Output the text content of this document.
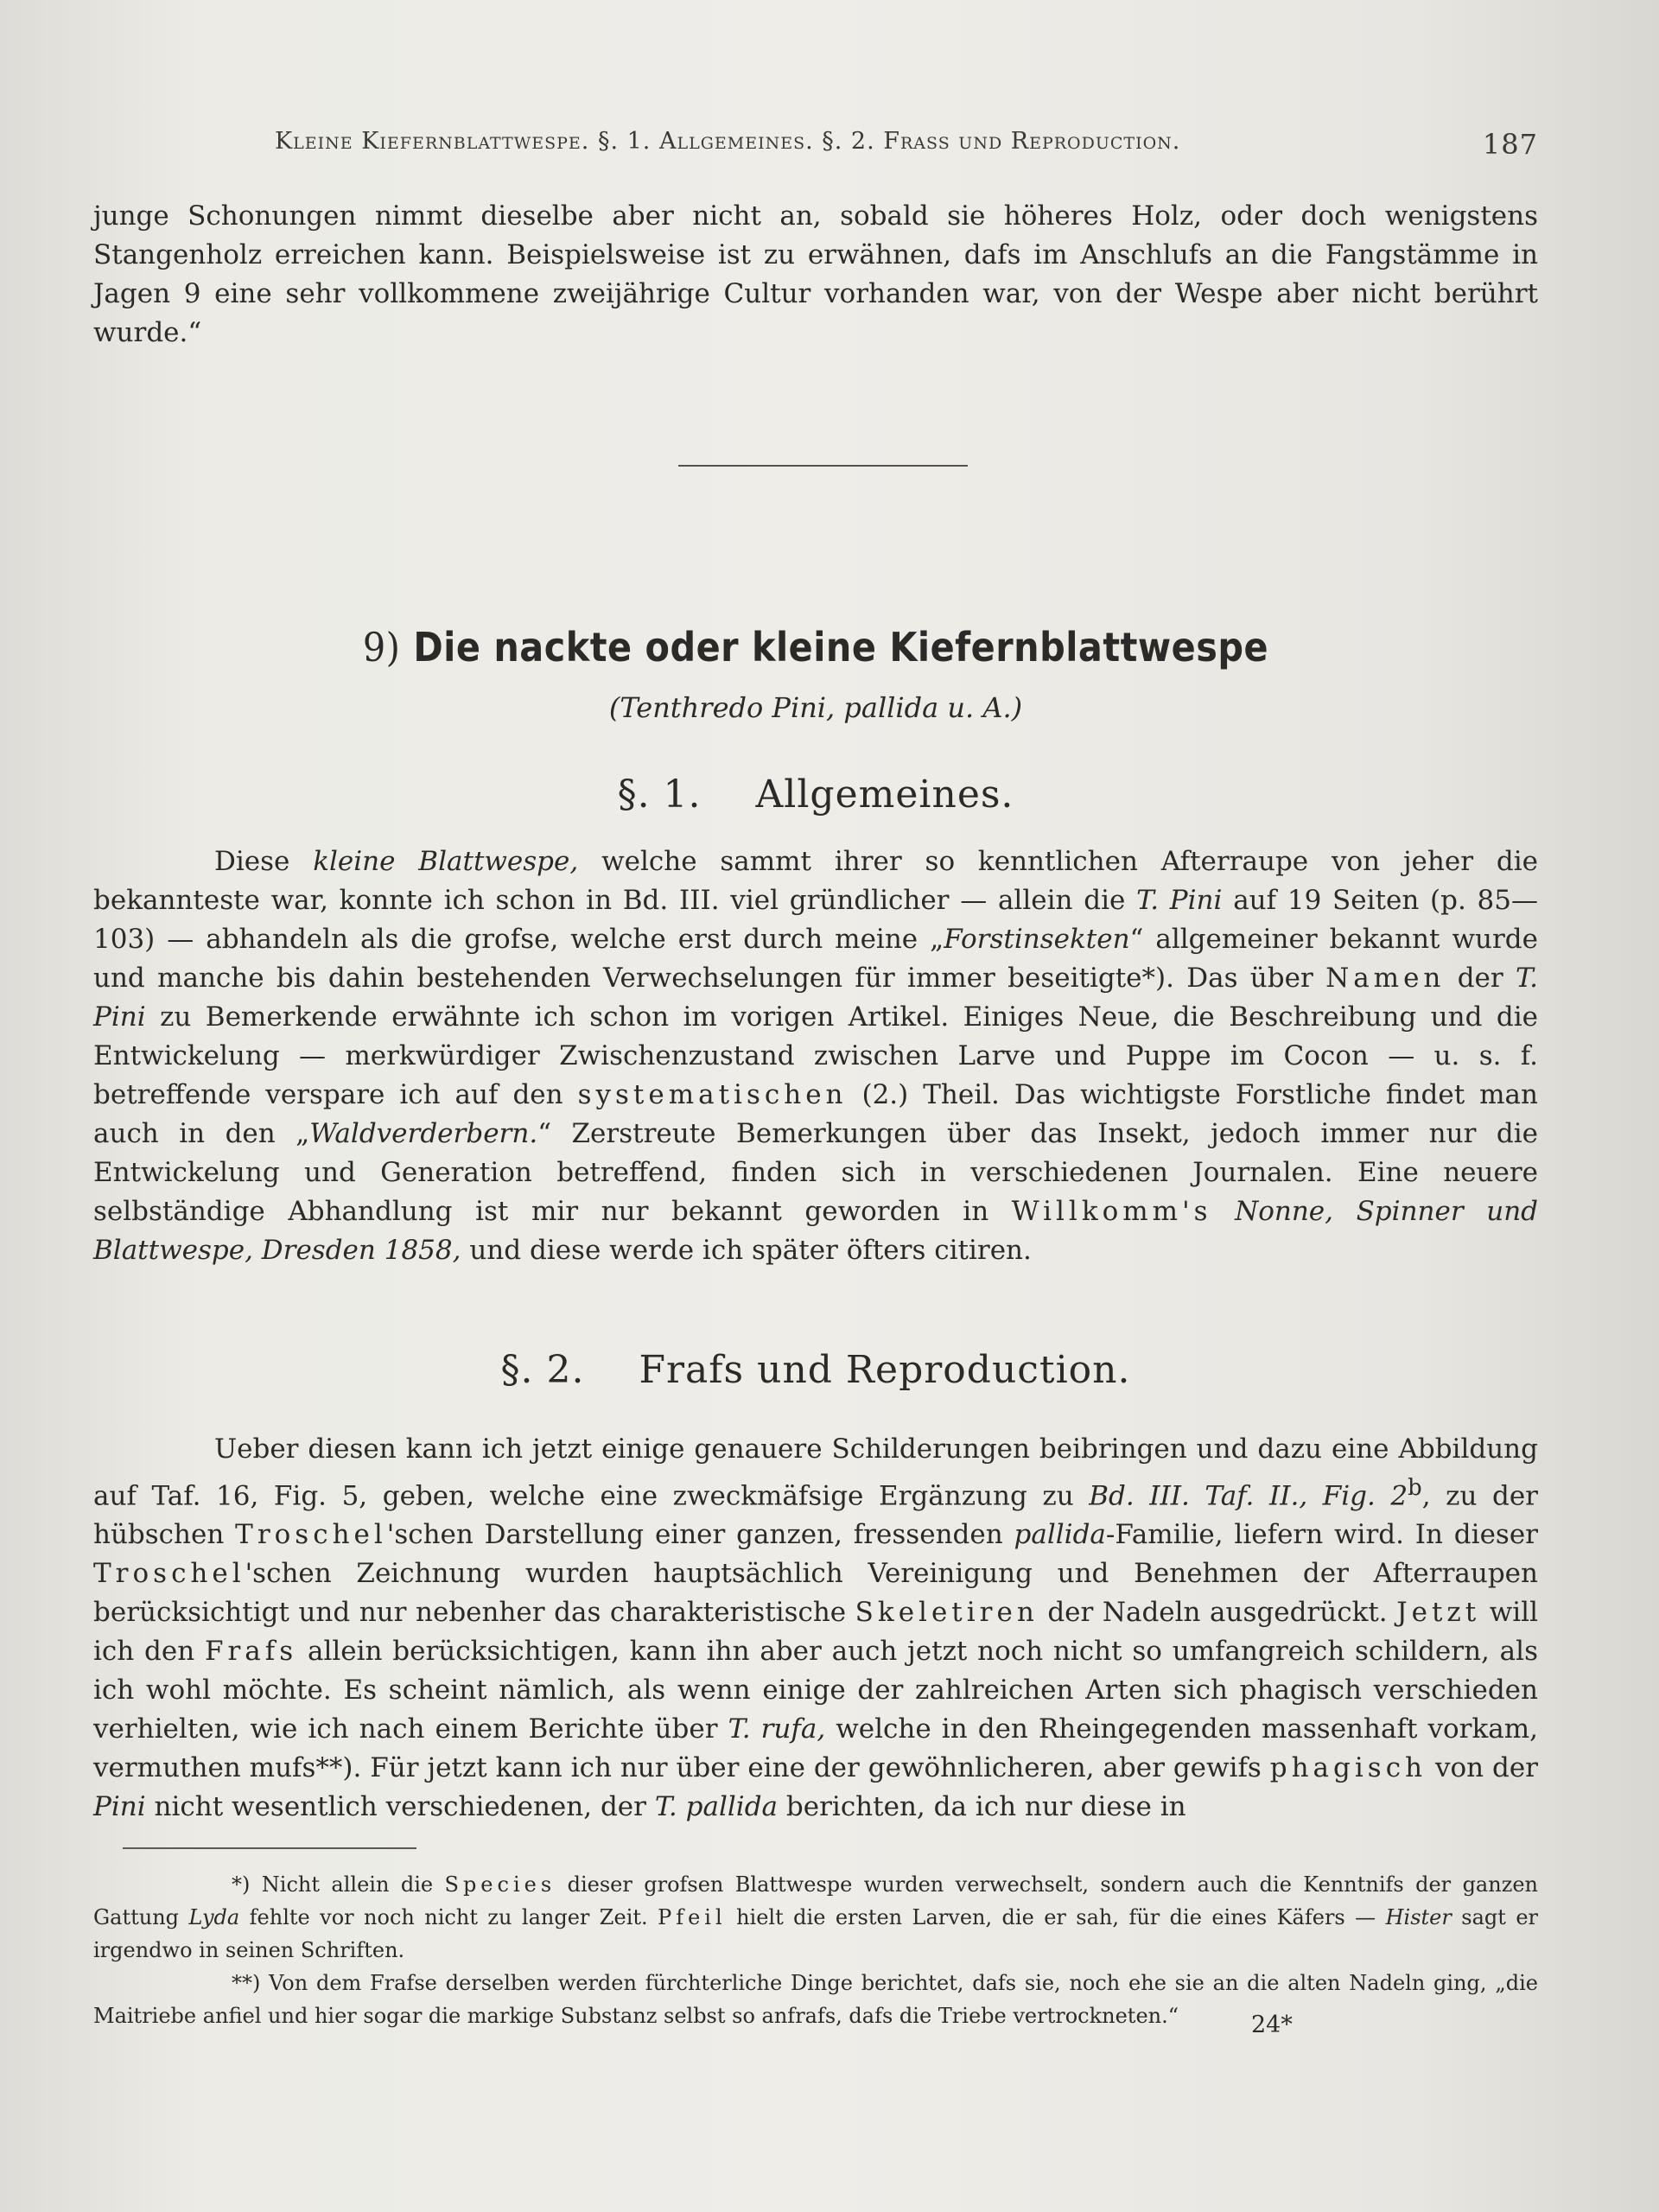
Kleine Kiefernblattwespe. §. 1. Allgemeines. §. 2. Frass und Reproduction.	187

junge Schonungen nimmt dieselbe aber nicht an, sobald sie höheres Holz, oder doch wenigstens Stangenholz erreichen kann. Beispielsweise ist zu erwähnen, dafs im Anschlufs an die Fangstämme in Jagen 9 eine sehr vollkommene zweijährige Cultur vorhanden war, von der Wespe aber nicht berührt wurde.“

9) Die nackte oder kleine Kiefernblattwespe
(Tenthredo Pini, pallida u. A.)
§. 1. Allgemeines.

Diese kleine Blattwespe, welche sammt ihrer so kenntlichen Afterraupe von jeher die bekannteste war, konnte ich schon in Bd. III. viel gründlicher — allein die T. Pini auf 19 Seiten (p. 85—103) — abhandeln als die grofse, welche erst durch meine „Forstinsekten“ allgemeiner bekannt wurde und manche bis dahin bestehenden Verwechselungen für immer beseitigte*). Das über Namen der T. Pini zu Bemerkende erwähnte ich schon im vorigen Artikel. Einiges Neue, die Beschreibung und die Entwickelung — merkwürdiger Zwischenzustand zwischen Larve und Puppe im Cocon — u. s. f. betreffende verspare ich auf den systematischen (2.) Theil. Das wichtigste Forstliche findet man auch in den „Waldverderbern.“ Zerstreute Bemerkungen über das Insekt, jedoch immer nur die Entwickelung und Generation betreffend, finden sich in verschiedenen Journalen. Eine neuere selbständige Abhandlung ist mir nur bekannt geworden in Willkomm's Nonne, Spinner und Blattwespe, Dresden 1858, und diese werde ich später öfters citiren.

§. 2. Frafs und Reproduction.

Ueber diesen kann ich jetzt einige genauere Schilderungen beibringen und dazu eine Abbildung auf Taf. 16, Fig. 5, geben, welche eine zweckmäfsige Ergänzung zu Bd. III. Taf. II., Fig. 2$^b$, zu der hübschen Troschel'schen Darstellung einer ganzen, fressenden pallida-Familie, liefern wird. In dieser Troschel'schen Zeichnung wurden hauptsächlich Vereinigung und Benehmen der Afterraupen berücksichtigt und nur nebenher das charakteristische Skeletiren der Nadeln ausgedrückt. Jetzt will ich den Frafs allein berücksichtigen, kann ihn aber auch jetzt noch nicht so umfangreich schildern, als ich wohl möchte. Es scheint nämlich, als wenn einige der zahlreichen Arten sich phagisch verschieden verhielten, wie ich nach einem Berichte über T. rufa, welche in den Rheingegenden massenhaft vorkam, vermuthen mufs**). Für jetzt kann ich nur über eine der gewöhnlicheren, aber gewifs phagisch von der Pini nicht wesentlich verschiedenen, der T. pallida berichten, da ich nur diese in

*) Nicht allein die Species dieser grofsen Blattwespe wurden verwechselt, sondern auch die Kenntnifs der ganzen Gattung Lyda fehlte vor noch nicht zu langer Zeit. Pfeil hielt die ersten Larven, die er sah, für die eines Käfers — Hister sagt er irgendwo in seinen Schriften.

**) Von dem Frafse derselben werden fürchterliche Dinge berichtet, dafs sie, noch ehe sie an die alten Nadeln ging, „die Maitriebe anfiel und hier sogar die markige Substanz selbst so anfrafs, dafs die Triebe vertrockneten.“	24*
